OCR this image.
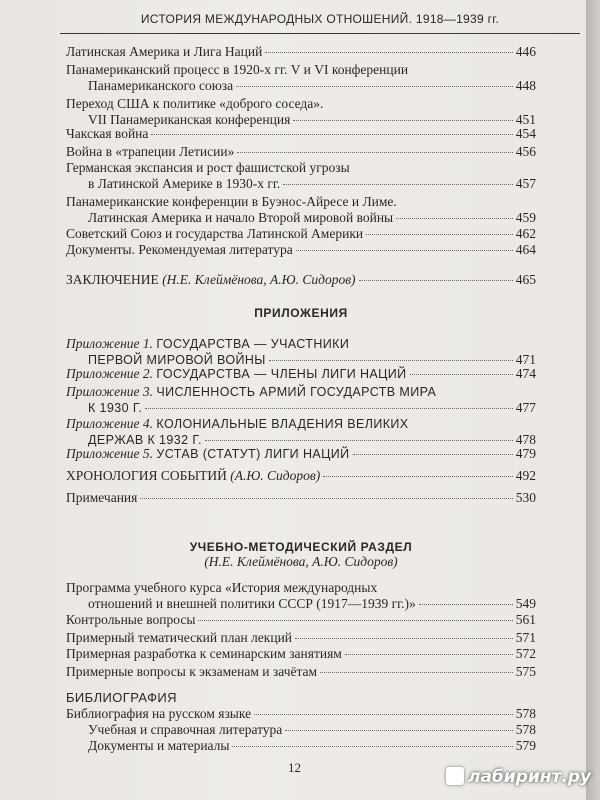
ИСТОРИЯ МЕЖДУНАРОДНЫХ ОТНОШЕНИЙ. 1918—1939 гг.
Латинская Америка и Лига Наций	446
Панамериканский процесс в 1920-х гг. V и VI конференции
Панамериканского союза	448
Переход США к политике «доброго соседа».
VII Панамериканская конференция	451
Чакская война	454
Война в «трапеции Летисии»	456
Германская экспансия и рост фашистской угрозы
в Латинской Америке в 1930-х гг.	457
Панамериканские конференции в Буэнос-Айресе и Лиме.
Латинская Америка и начало Второй мировой войны	459
Советский Союз и государства Латинской Америки	462
Документы. Рекомендуемая литература	464
ЗАКЛЮЧЕНИЕ (Н.Е. Клеймёнова, А.Ю. Сидоров)	465
ПРИЛОЖЕНИЯ
Приложение 1. ГОСУДАРСТВА — УЧАСТНИКИ
ПЕРВОЙ МИРОВОЙ ВОЙНЫ	471
Приложение 2. ГОСУДАРСТВА — ЧЛЕНЫ ЛИГИ НАЦИЙ	474
Приложение 3. ЧИСЛЕННОСТЬ АРМИЙ ГОСУДАРСТВ МИРА
К 1930 Г.	477
Приложение 4. КОЛОНИАЛЬНЫЕ ВЛАДЕНИЯ ВЕЛИКИХ
ДЕРЖАВ К 1932 Г.	478
Приложение 5. УСТАВ (СТАТУТ) ЛИГИ НАЦИЙ	479
ХРОНОЛОГИЯ СОБЫТИЙ (А.Ю. Сидоров)	492
Примечания	530
УЧЕБНО-МЕТОДИЧЕСКИЙ РАЗДЕЛ
(Н.Е. Клеймёнова, А.Ю. Сидоров)
Программа учебного курса «История международных
отношений и внешней политики СССР (1917—1939 гг.)»	549
Контрольные вопросы	561
Примерный тематический план лекций	571
Примерная разработка к семинарским занятиям	572
Примерные вопросы к экзаменам и зачётам	575
БИБЛИОГРАФИЯ
Библиография на русском языке	578
Учебная и справочная литература	578
Документы и материалы	579
12	лабиринт.ру
